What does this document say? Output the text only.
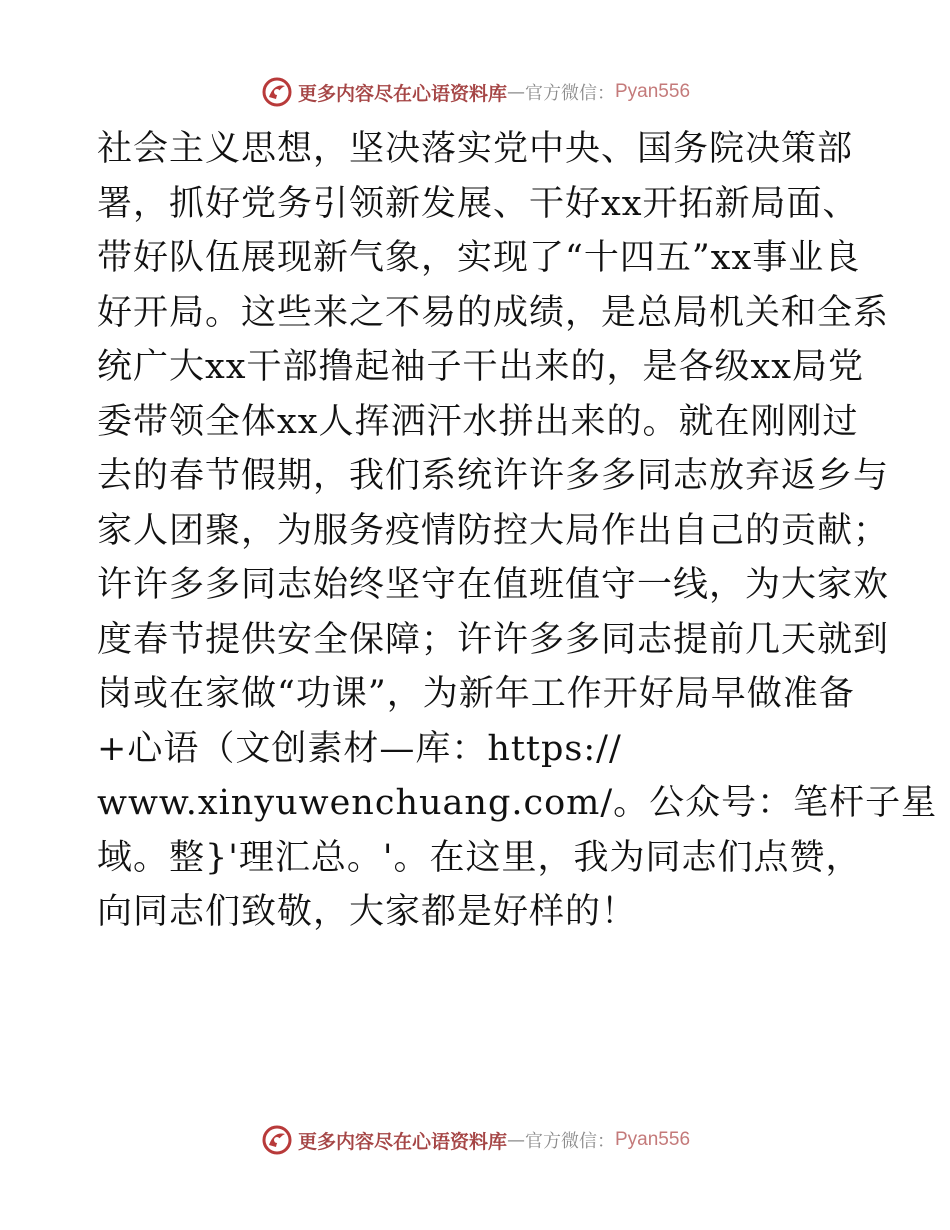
更多内容尽在心语资料库 — 官方微信： Pyan556
社会主义思想，坚决落实党中央、国务院决策部
署，抓好党务引领新发展、干好xx开拓新局面、
带好队伍展现新气象，实现了“十四五”xx事业良
好开局。这些来之不易的成绩，是总局机关和全系
统广大xx干部撸起袖子干出来的，是各级xx局党
委带领全体xx人挥洒汗水拼出来的。就在刚刚过
去的春节假期，我们系统许许多多同志放弃返乡与
家人团聚，为服务疫情防控大局作出自己的贡献；
许许多多同志始终坚守在值班值守一线，为大家欢
度春节提供安全保障；许许多多同志提前几天就到
岗或在家做“功课”，为新年工作开好局早做准备
+心语（文创素材—库：https://
www.xinyuwenchuang.com/。公众号：笔杆子星
域。整}'理汇总。'。在这里，我为同志们点赞，
向同志们致敬，大家都是好样的！
更多内容尽在心语资料库 — 官方微信： Pyan556
